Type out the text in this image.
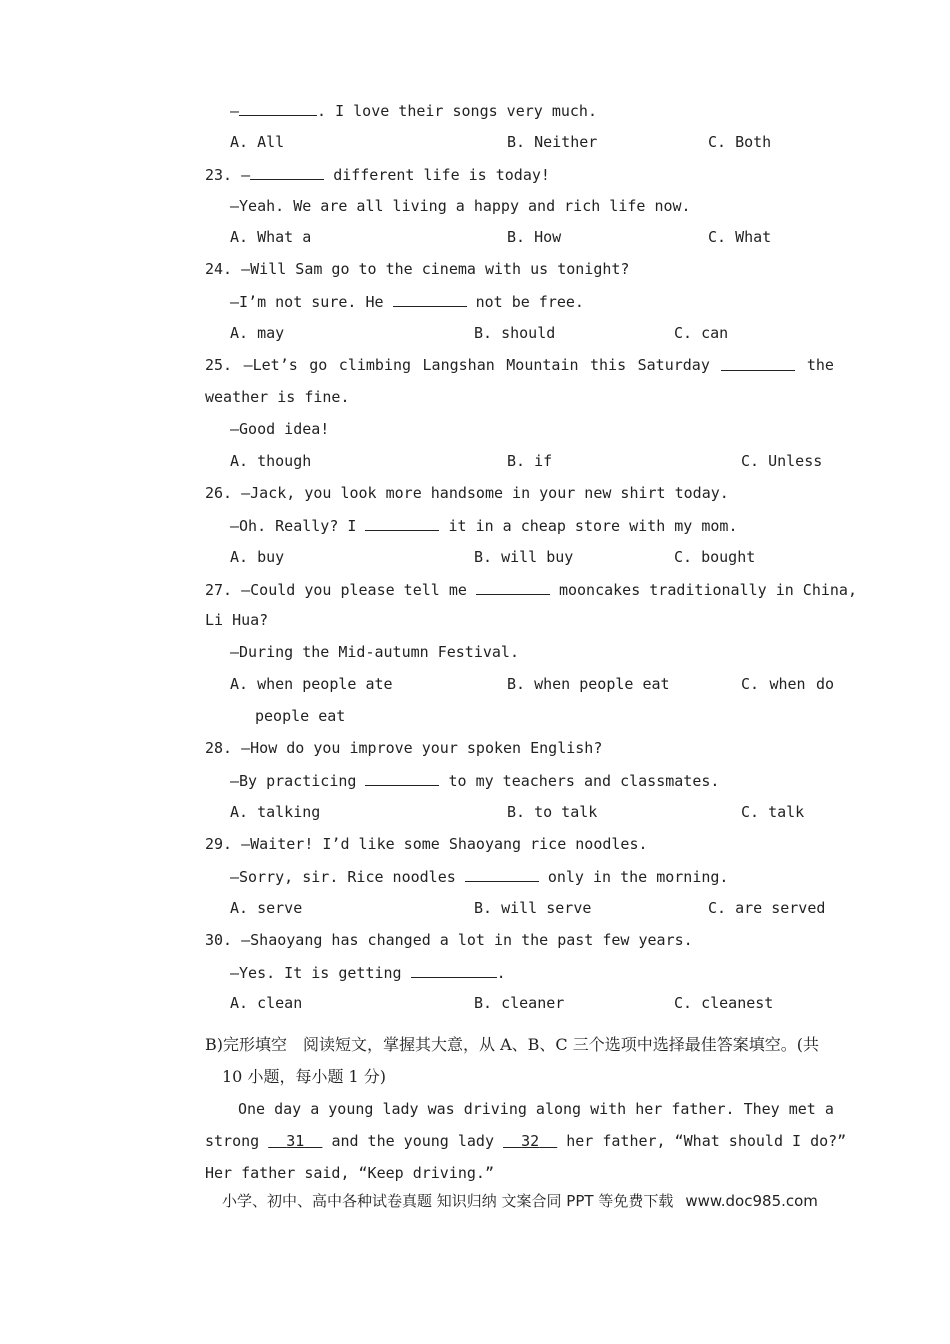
—	. I love their songs very much.
A. All	B. Neither	C. Both
23. —	different life is today!
—Yeah. We are all living a happy and rich life now.
A. What a	B. How	C. What
24. —Will Sam go to the cinema with us tonight?
—I’m not sure. He	not be free.
A. may	B. should	C. can
25. —Let’s go climbing Langshan Mountain this Saturday	the
weather is fine.
—Good idea!
A. though	B. if	C. Unless
26. —Jack, you look more handsome in your new shirt today.
—Oh. Really? I	it in a cheap store with my mom.
A. buy	B. will buy	C. bought
27. —Could you please tell me	mooncakes traditionally in China,
Li Hua?
—During the Mid-autumn Festival.
A. when people ate	B. when people eat	C. when do
people eat
28. —How do you improve your spoken English?
—By practicing	to my teachers and classmates.
A. talking	B. to talk	C. talk
29. —Waiter! I’d like some Shaoyang rice noodles.
—Sorry, sir. Rice noodles	only in the morning.
A. serve	B. will serve	C. are served
30. —Shaoyang has changed a lot in the past few years.
—Yes. It is getting	.
A. clean	B. cleaner	C. cleanest
B)完形填空　阅读短文，掌握其大意，从 A、B、C 三个选项中选择最佳答案填空。(共
10 小题，每小题 1 分)
One day a young lady was driving along with her father. They met a
strong 31 and the young lady 32 her father, “What should I do?”
Her father said, “Keep driving.”
小学、初中、高中各种试卷真题 知识归纳 文案合同 PPT 等免费下载 www.doc985.com
